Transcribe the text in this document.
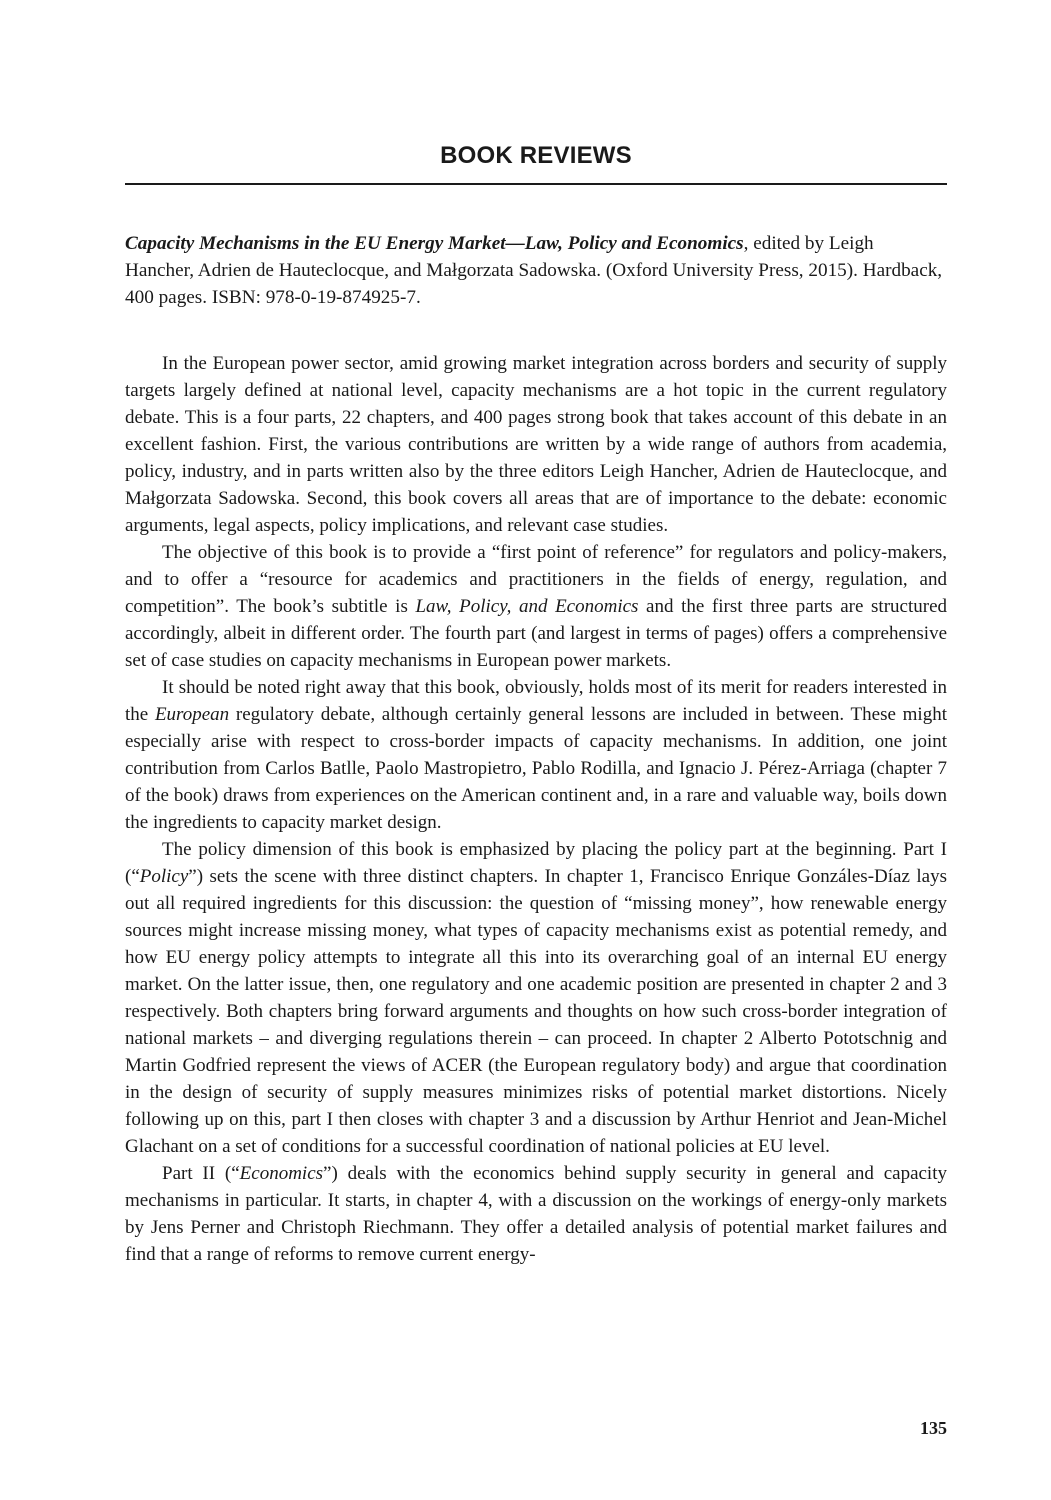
BOOK REVIEWS
Capacity Mechanisms in the EU Energy Market—Law, Policy and Economics, edited by Leigh Hancher, Adrien de Hauteclocque, and Małgorzata Sadowska. (Oxford University Press, 2015). Hardback, 400 pages. ISBN: 978-0-19-874925-7.

In the European power sector, amid growing market integration across borders and security of supply targets largely defined at national level, capacity mechanisms are a hot topic in the current regulatory debate. This is a four parts, 22 chapters, and 400 pages strong book that takes account of this debate in an excellent fashion. First, the various contributions are written by a wide range of authors from academia, policy, industry, and in parts written also by the three editors Leigh Hancher, Adrien de Hauteclocque, and Małgorzata Sadowska. Second, this book covers all areas that are of importance to the debate: economic arguments, legal aspects, policy implications, and relevant case studies.

The objective of this book is to provide a “first point of reference” for regulators and policy-makers, and to offer a “resource for academics and practitioners in the fields of energy, regulation, and competition”. The book’s subtitle is Law, Policy, and Economics and the first three parts are structured accordingly, albeit in different order. The fourth part (and largest in terms of pages) offers a comprehensive set of case studies on capacity mechanisms in European power markets.

It should be noted right away that this book, obviously, holds most of its merit for readers interested in the European regulatory debate, although certainly general lessons are included in between. These might especially arise with respect to cross-border impacts of capacity mechanisms. In addition, one joint contribution from Carlos Batlle, Paolo Mastropietro, Pablo Rodilla, and Ignacio J. Pérez-Arriaga (chapter 7 of the book) draws from experiences on the American continent and, in a rare and valuable way, boils down the ingredients to capacity market design.

The policy dimension of this book is emphasized by placing the policy part at the beginning. Part I (“Policy”) sets the scene with three distinct chapters. In chapter 1, Francisco Enrique Gonzáles-Díaz lays out all required ingredients for this discussion: the question of “missing money”, how renewable energy sources might increase missing money, what types of capacity mechanisms exist as potential remedy, and how EU energy policy attempts to integrate all this into its overarching goal of an internal EU energy market. On the latter issue, then, one regulatory and one academic position are presented in chapter 2 and 3 respectively. Both chapters bring forward arguments and thoughts on how such cross-border integration of national markets – and diverging regulations therein – can proceed. In chapter 2 Alberto Pototschnig and Martin Godfried represent the views of ACER (the European regulatory body) and argue that coordination in the design of security of supply measures minimizes risks of potential market distortions. Nicely following up on this, part I then closes with chapter 3 and a discussion by Arthur Henriot and Jean-Michel Glachant on a set of conditions for a successful coordination of national policies at EU level.

Part II (“Economics”) deals with the economics behind supply security in general and capacity mechanisms in particular. It starts, in chapter 4, with a discussion on the workings of energy-only markets by Jens Perner and Christoph Riechmann. They offer a detailed analysis of potential market failures and find that a range of reforms to remove current energy-

135
